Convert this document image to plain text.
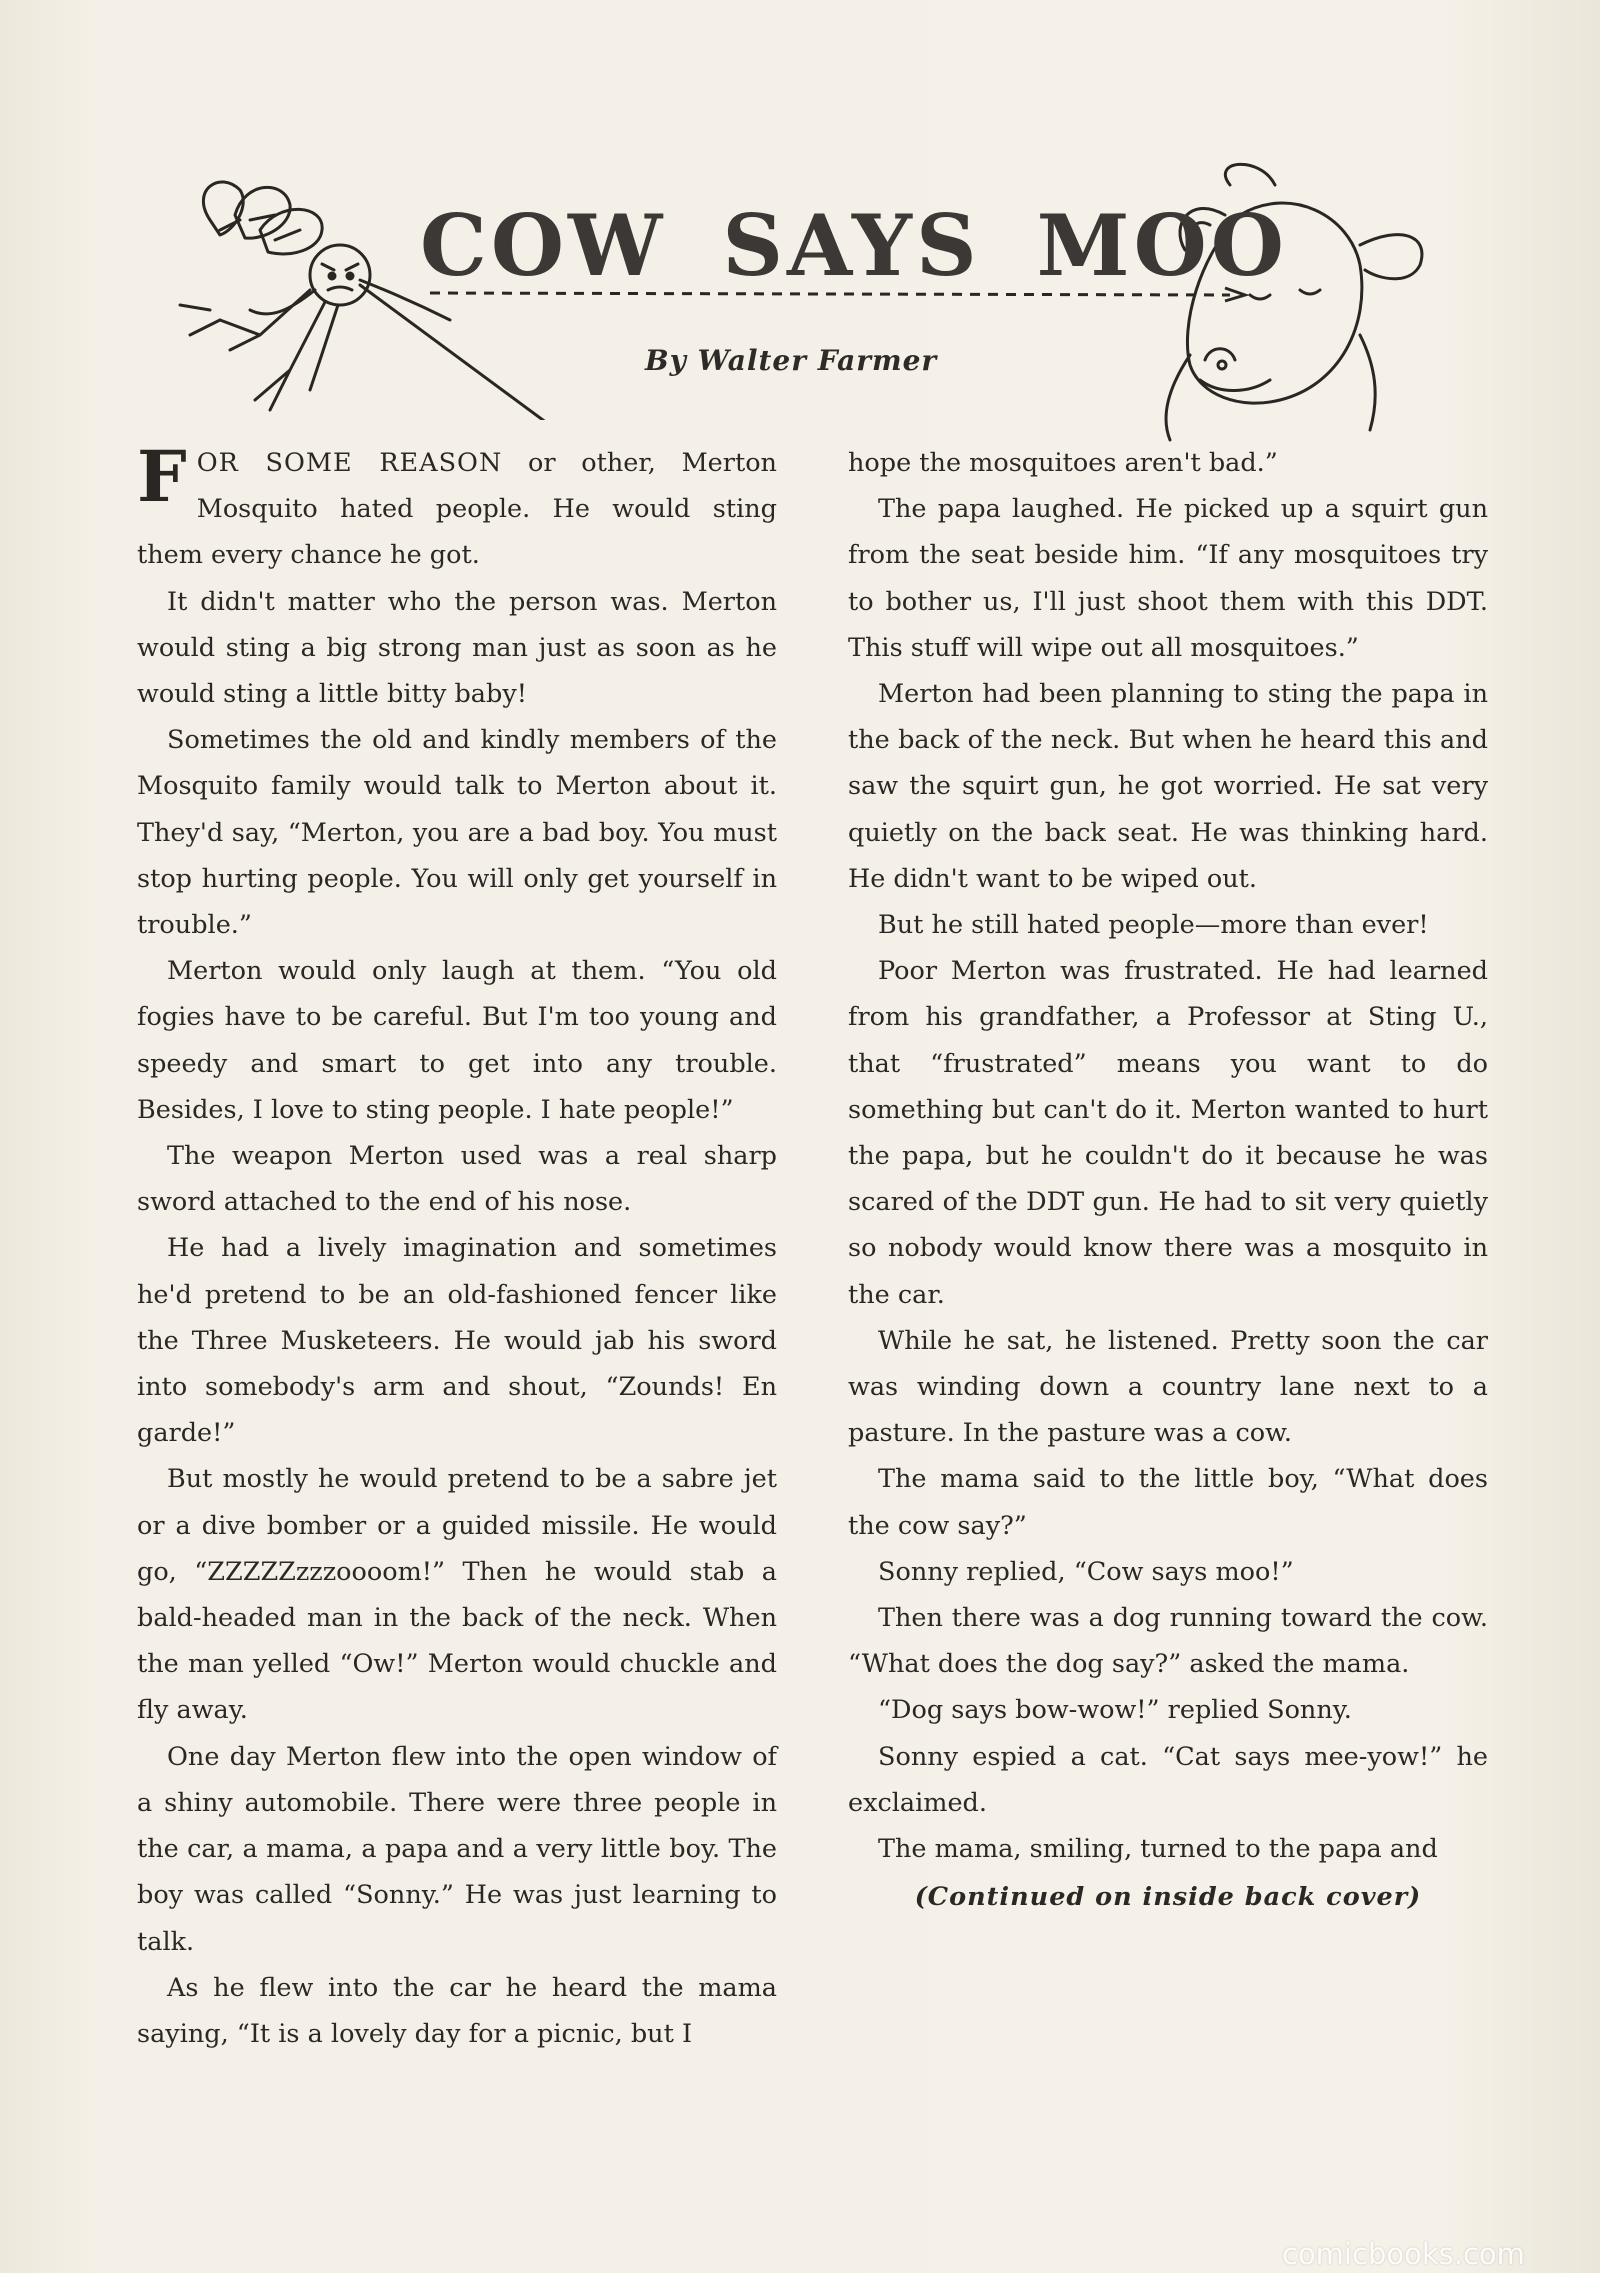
COW SAYS MOO
By Walter Farmer

FOR SOME REASON or other, Merton Mosquito hated people. He would sting them every chance he got.

It didn't matter who the person was. Merton would sting a big strong man just as soon as he would sting a little bitty baby!

Sometimes the old and kindly members of the Mosquito family would talk to Merton about it. They'd say, “Merton, you are a bad boy. You must stop hurting people. You will only get yourself in trouble.”

Merton would only laugh at them. “You old fogies have to be careful. But I'm too young and speedy and smart to get into any trouble. Besides, I love to sting people. I hate people!”

The weapon Merton used was a real sharp sword attached to the end of his nose.

He had a lively imagination and sometimes he'd pretend to be an old-fashioned fencer like the Three Musketeers. He would jab his sword into somebody's arm and shout, “Zounds! En garde!”

But mostly he would pretend to be a sabre jet or a dive bomber or a guided missile. He would go, “ZZZZZzzzoooom!” Then he would stab a bald-headed man in the back of the neck. When the man yelled “Ow!” Merton would chuckle and fly away.

One day Merton flew into the open window of a shiny automobile. There were three people in the car, a mama, a papa and a very little boy. The boy was called “Sonny.” He was just learning to talk.

As he flew into the car he heard the mama saying, “It is a lovely day for a picnic, but I

hope the mosquitoes aren't bad.”

The papa laughed. He picked up a squirt gun from the seat beside him. “If any mosquitoes try to bother us, I'll just shoot them with this DDT. This stuff will wipe out all mosquitoes.”

Merton had been planning to sting the papa in the back of the neck. But when he heard this and saw the squirt gun, he got worried. He sat very quietly on the back seat. He was thinking hard. He didn't want to be wiped out.

But he still hated people—more than ever!

Poor Merton was frustrated. He had learned from his grandfather, a Professor at Sting U., that “frustrated” means you want to do something but can't do it. Merton wanted to hurt the papa, but he couldn't do it because he was scared of the DDT gun. He had to sit very quietly so nobody would know there was a mosquito in the car.

While he sat, he listened. Pretty soon the car was winding down a country lane next to a pasture. In the pasture was a cow.

The mama said to the little boy, “What does the cow say?”

Sonny replied, “Cow says moo!”

Then there was a dog running toward the cow. “What does the dog say?” asked the mama.

“Dog says bow-wow!” replied Sonny.

Sonny espied a cat. “Cat says mee-yow!” he exclaimed.

The mama, smiling, turned to the papa and

(Continued on inside back cover)

comicbooks.com
